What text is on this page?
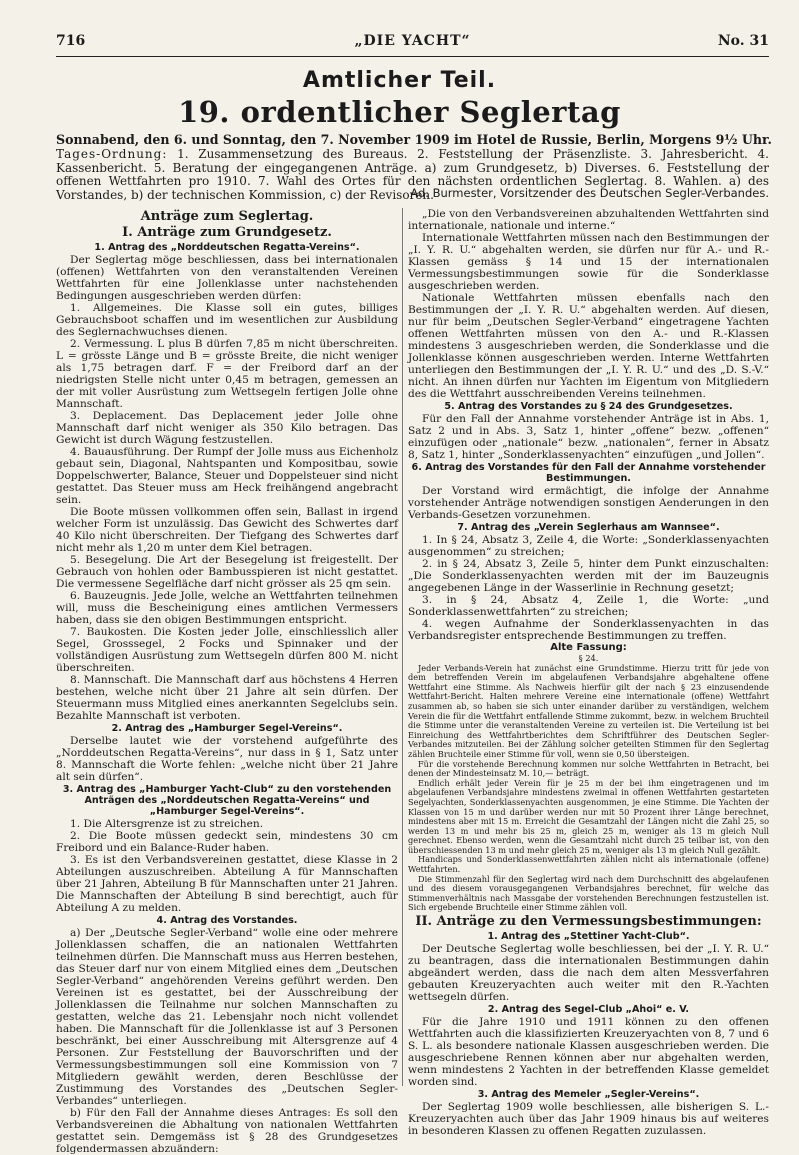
716	„DIE YACHT“	No. 31
Amtlicher Teil.
19. ordentlicher Seglertag
Sonnabend, den 6. und Sonntag, den 7. November 1909 im Hotel de Russie, Berlin, Morgens 9½ Uhr.
Tages-Ordnung: 1. Zusammensetzung des Bureaus. 2. Feststellung der Präsenzliste. 3. Jahresbericht. 4. Kassenbericht. 5. Beratung der eingegangenen Anträge. a) zum Grundgesetz, b) Diverses. 6. Feststellung der offenen Wettfahrten pro 1910. 7. Wahl des Ortes für den nächsten ordentlichen Seglertag. 8. Wahlen. a) des Vorstandes, b) der technischen Kommission, c) der Revisoren.
Ad. Burmester, Vorsitzender des Deutschen Segler-Verbandes.
Anträge zum Seglertag.
I. Anträge zum Grundgesetz.
1. Antrag des „Norddeutschen Regatta-Vereins“.

Der Seglertag möge beschliessen, dass bei internationalen (offenen) Wettfahrten von den veranstaltenden Vereinen Wettfahrten für eine Jollenklasse unter nachstehenden Bedingungen ausgeschrieben werden dürfen:

1. Allgemeines. Die Klasse soll ein gutes, billiges Gebrauchsboot schaffen und im wesentlichen zur Ausbildung des Seglernachwuchses dienen.

2. Vermessung. L plus B dürfen 7,85 m nicht überschreiten. L = grösste Länge und B = grösste Breite, die nicht weniger als 1,75 betragen darf. F = der Freibord darf an der niedrigsten Stelle nicht unter 0,45 m betragen, gemessen an der mit voller Ausrüstung zum Wettsegeln fertigen Jolle ohne Mannschaft.

3. Deplacement. Das Deplacement jeder Jolle ohne Mannschaft darf nicht weniger als 350 Kilo betragen. Das Gewicht ist durch Wägung festzustellen.

4. Bauausführung. Der Rumpf der Jolle muss aus Eichenholz gebaut sein, Diagonal, Nahtspanten und Kompositbau, sowie Doppelschwerter, Balance, Steuer und Doppelsteuer sind nicht gestattet. Das Steuer muss am Heck freihängend angebracht sein.

Die Boote müssen vollkommen offen sein, Ballast in irgend welcher Form ist unzulässig. Das Gewicht des Schwertes darf 40 Kilo nicht überschreiten. Der Tiefgang des Schwertes darf nicht mehr als 1,20 m unter dem Kiel betragen.

5. Besegelung. Die Art der Besegelung ist freigestellt. Der Gebrauch von hohlen oder Bambusspieren ist nicht gestattet. Die vermessene Segelfläche darf nicht grösser als 25 qm sein.

6. Bauzeugnis. Jede Jolle, welche an Wettfahrten teilnehmen will, muss die Bescheinigung eines amtlichen Vermessers haben, dass sie den obigen Bestimmungen entspricht.

7. Baukosten. Die Kosten jeder Jolle, einschliesslich aller Segel, Grosssegel, 2 Focks und Spinnaker und der vollständigen Ausrüstung zum Wettsegeln dürfen 800 M. nicht überschreiten.

8. Mannschaft. Die Mannschaft darf aus höchstens 4 Herren bestehen, welche nicht über 21 Jahre alt sein dürfen. Der Steuermann muss Mitglied eines anerkannten Segelclubs sein. Bezahlte Mannschaft ist verboten.

2. Antrag des „Hamburger Segel-Vereins“.

Derselbe lautet wie der vorstehend aufgeführte des „Norddeutschen Regatta-Vereins“, nur dass in § 1, Satz unter 8. Mannschaft die Worte fehlen: „welche nicht über 21 Jahre alt sein dürfen“.

3. Antrag des „Hamburger Yacht-Club“ zu den vorstehenden Anträgen des „Norddeutschen Regatta-Vereins“ und „Hamburger Segel-Vereins“.

1. Die Altersgrenze ist zu streichen.

2. Die Boote müssen gedeckt sein, mindestens 30 cm Freibord und ein Balance-Ruder haben.

3. Es ist den Verbandsvereinen gestattet, diese Klasse in 2 Abteilungen auszuschreiben. Abteilung A für Mannschaften über 21 Jahren, Abteilung B für Mannschaften unter 21 Jahren. Die Mannschaften der Abteilung B sind berechtigt, auch für Abteilung A zu melden.

4. Antrag des Vorstandes.

a) Der „Deutsche Segler-Verband“ wolle eine oder mehrere Jollenklassen schaffen, die an nationalen Wettfahrten teilnehmen dürfen. Die Mannschaft muss aus Herren bestehen, das Steuer darf nur von einem Mitglied eines dem „Deutschen Segler-Verband“ angehörenden Vereins geführt werden. Den Vereinen ist es gestattet, bei der Ausschreibung der Jollenklassen die Teilnahme nur solchen Mannschaften zu gestatten, welche das 21. Lebensjahr noch nicht vollendet haben. Die Mannschaft für die Jollenklasse ist auf 3 Personen beschränkt, bei einer Ausschreibung mit Altersgrenze auf 4 Personen. Zur Feststellung der Bauvorschriften und der Vermessungsbestimmungen soll eine Kommission von 7 Mitgliedern gewählt werden, deren Beschlüsse der Zustimmung des Vorstandes des „Deutschen Segler-Verbandes“ unterliegen.

b) Für den Fall der Annahme dieses Antrages: Es soll den Verbandsvereinen die Abhaltung von nationalen Wettfahrten gestattet sein. Demgemäss ist § 28 des Grundgesetzes folgendermassen abzuändern:

„Die von den Verbandsvereinen abzuhaltenden Wettfahrten sind internationale, nationale und interne.“

Internationale Wettfahrten müssen nach den Bestimmungen der „I. Y. R. U.“ abgehalten werden, sie dürfen nur für A.- und R.-Klassen gemäss § 14 und 15 der internationalen Vermessungsbestimmungen sowie für die Sonderklasse ausgeschrieben werden.

Nationale Wettfahrten müssen ebenfalls nach den Bestimmungen der „I. Y. R. U.“ abgehalten werden. Auf diesen, nur für beim „Deutschen Segler-Verband“ eingetragene Yachten offenen Wettfahrten müssen von den A.- und R.-Klassen mindestens 3 ausgeschrieben werden, die Sonderklasse und die Jollenklasse können ausgeschrieben werden. Interne Wettfahrten unterliegen den Bestimmungen der „I. Y. R. U.“ und des „D. S.-V.“ nicht. An ihnen dürfen nur Yachten im Eigentum von Mitgliedern des die Wettfahrt ausschreibenden Vereins teilnehmen.

5. Antrag des Vorstandes zu § 24 des Grundgesetzes.

Für den Fall der Annahme vorstehender Anträge ist in Abs. 1, Satz 2 und in Abs. 3, Satz 1, hinter „offene“ bezw. „offenen“ einzufügen oder „nationale“ bezw. „nationalen“, ferner in Absatz 8, Satz 1, hinter „Sonderklassenyachten“ einzufügen „und Jollen“.

6. Antrag des Vorstandes für den Fall der Annahme vorstehender Bestimmungen.

Der Vorstand wird ermächtigt, die infolge der Annahme vorstehender Anträge notwendigen sonstigen Aenderungen in den Verbands-Gesetzen vorzunehmen.

7. Antrag des „Verein Seglerhaus am Wannsee“.

1. In § 24, Absatz 3, Zeile 4, die Worte: „Sonderklassenyachten ausgenommen“ zu streichen;

2. in § 24, Absatz 3, Zeile 5, hinter dem Punkt einzuschalten: „Die Sonderklassenyachten werden mit der im Bauzeugnis angegebenen Länge in der Wasserlinie in Rechnung gesetzt;

3. in § 24, Absatz 4, Zeile 1, die Worte: „und Sonderklassenwettfahrten“ zu streichen;

4. wegen Aufnahme der Sonderklassenyachten in das Verbandsregister entsprechende Bestimmungen zu treffen.

Alte Fassung:
§ 24.

Jeder Verbands-Verein hat zunächst eine Grundstimme. Hierzu tritt für jede von dem betreffenden Verein im abgelaufenen Verbandsjahre abgehaltene offene Wettfahrt eine Stimme. Als Nachweis hierfür gilt der nach § 23 einzusendende Wettfahrt-Bericht. Halten mehrere Vereine eine internationale (offene) Wettfahrt zusammen ab, so haben sie sich unter einander darüber zu verständigen, welchem Verein die für die Wettfahrt entfallende Stimme zukommt, bezw. in welchem Bruchteil die Stimme unter die veranstaltenden Vereine zu verteilen ist. Die Verteilung ist bei Einreichung des Wettfahrtberichtes dem Schriftführer des Deutschen Segler-Verbandes mitzuteilen. Bei der Zählung solcher geteilten Stimmen für den Seglertag zählen Bruchteile einer Stimme für voll, wenn sie 0,50 übersteigen.

Für die vorstehende Berechnung kommen nur solche Wettfahrten in Betracht, bei denen der Mindesteinsatz M. 10,— beträgt.

Endlich erhält jeder Verein für je 25 m der bei ihm eingetragenen und im abgelaufenen Verbandsjahre mindestens zweimal in offenen Wettfahrten gestarteten Segelyachten, Sonderklassenyachten ausgenommen, je eine Stimme. Die Yachten der Klassen von 15 m und darüber werden nur mit 50 Prozent ihrer Länge berechnet, mindestens aber mit 15 m. Erreicht die Gesamtzahl der Längen nicht die Zahl 25, so werden 13 m und mehr bis 25 m, gleich 25 m, weniger als 13 m gleich Null gerechnet. Ebenso werden, wenn die Gesamtzahl nicht durch 25 teilbar ist, von den überschiessenden 13 m und mehr gleich 25 m, weniger als 13 m gleich Null gezählt.

Handicaps und Sonderklassenwettfahrten zählen nicht als internationale (offene) Wettfahrten.

Die Stimmenzahl für den Seglertag wird nach dem Durchschnitt des abgelaufenen und des diesem vorausgegangenen Verbandsjahres berechnet, für welche das Stimmenverhältnis nach Massgabe der vorstehenden Berechnungen festzustellen ist. Sich ergebende Bruchteile einer Stimme zählen voll.

II. Anträge zu den Vermessungsbestimmungen:
1. Antrag des „Stettiner Yacht-Club“.

Der Deutsche Seglertag wolle beschliessen, bei der „I. Y. R. U.“ zu beantragen, dass die internationalen Bestimmungen dahin abgeändert werden, dass die nach dem alten Messverfahren gebauten Kreuzeryachten auch weiter mit den R.-Yachten wettsegeln dürfen.

2. Antrag des Segel-Club „Ahoi“ e. V.

Für die Jahre 1910 und 1911 können zu den offenen Wettfahrten auch die klassifizierten Kreuzeryachten von 8, 7 und 6 S. L. als besondere nationale Klassen ausgeschrieben werden. Die ausgeschriebene Rennen können aber nur abgehalten werden, wenn mindestens 2 Yachten in der betreffenden Klasse gemeldet worden sind.

3. Antrag des Memeler „Segler-Vereins“.

Der Seglertag 1909 wolle beschliessen, alle bisherigen S. L.-Kreuzeryachten auch über das Jahr 1909 hinaus bis auf weiteres in besonderen Klassen zu offenen Regatten zuzulassen.
